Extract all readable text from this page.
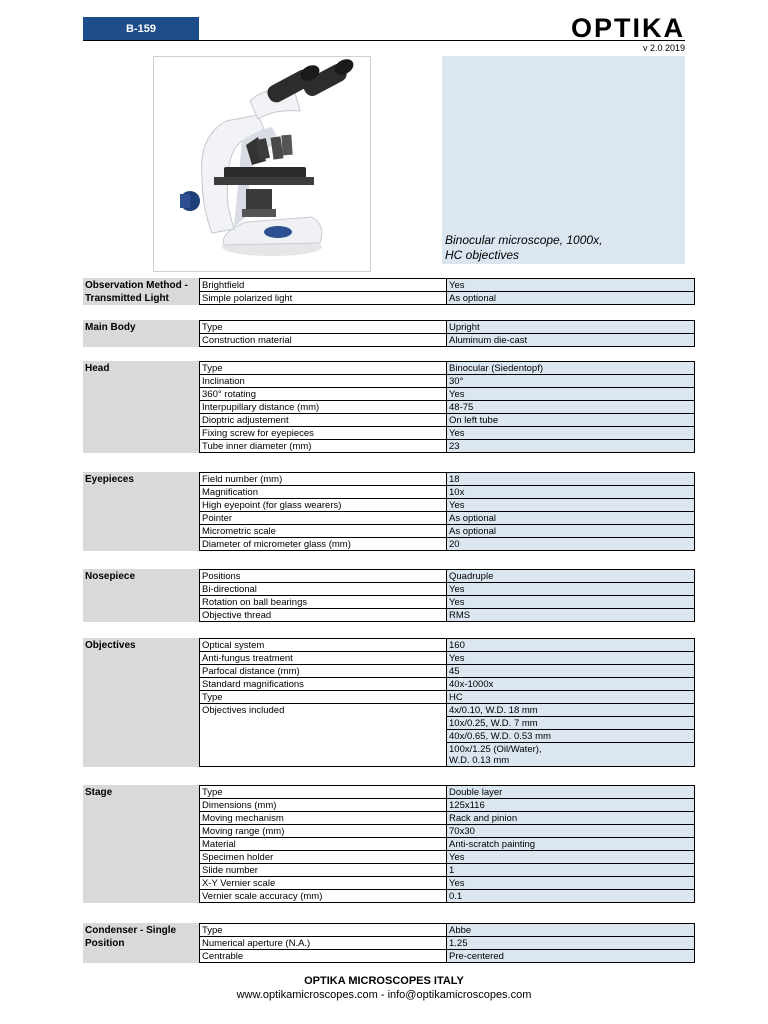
B-159	OPTIKA
v 2.0 2019
Binocular microscope, 1000x,
HC objectives
Observation Method -
Transmitted Light
Brightfield	Yes
Simple polarized light	As optional
Main Body	Type	Upright
Construction material	Aluminum die-cast
Head	Type	Binocular (Siedentopf)
Inclination	30°
360° rotating	Yes
Interpupillary distance (mm)	48-75
Dioptric adjustement	On left tube
Fixing screw for eyepieces	Yes
Tube inner diameter (mm)	23
Eyepieces	Field number (mm)	18
Magnification	10x
High eyepoint (for glass wearers)	Yes
Pointer	As optional
Micrometric scale	As optional
Diameter of micrometer glass (mm)	20
Nosepiece	Positions	Quadruple
Bi-directional	Yes
Rotation on ball bearings	Yes
Objective thread	RMS
Objectives	Optical system	160
Anti-fungus treatment	Yes
Parfocal distance (mm)	45
Standard magnifications	40x-1000x
Type	HC
Objectives included	4x/0.10, W.D. 18 mm
	10x/0.25, W.D. 7 mm
	40x/0.65, W.D. 0.53 mm

	100x/1.25 (Oil/Water),
W.D. 0.13 mm
Stage	Type	Double layer
Dimensions (mm)	125x116
Moving mechanism	Rack and pinion
Moving range (mm)	70x30
Material	Anti-scratch painting
Specimen holder	Yes
Slide number	1
X-Y Vernier scale	Yes
Vernier scale accuracy (mm)	0.1
Condenser - Single
Position
Type	Abbe
Numerical aperture (N.A.)	1.25
Centrable	Pre-centered
OPTIKA MICROSCOPES ITALY
www.optikamicroscopes.com - info@optikamicroscopes.com
